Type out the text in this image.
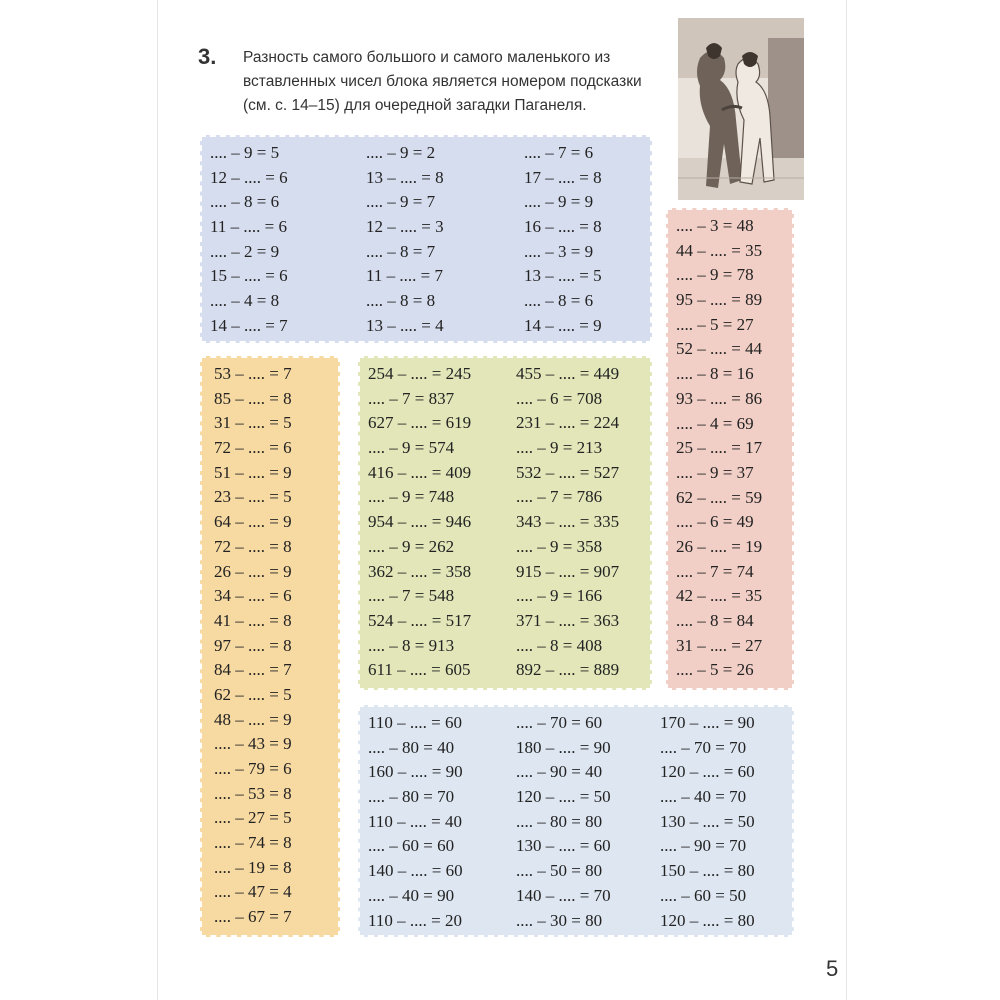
3. Разность самого большого и самого маленького из
вставленных чисел блока является номером подсказки
(см. с. 14–15) для очередной загадки Паганеля.
.... – 9 = 5
12 – .... = 6
.... – 8 = 6
11 – .... = 6
.... – 2 = 9
15 – .... = 6
.... – 4 = 8
14 – .... = 7
.... – 9 = 2
13 – .... = 8
.... – 9 = 7
12 – .... = 3
.... – 8 = 7
11 – .... = 7
.... – 8 = 8
13 – .... = 4
.... – 7 = 6
17 – .... = 8
.... – 9 = 9
16 – .... = 8
.... – 3 = 9
13 – .... = 5
.... – 8 = 6
14 – .... = 9
53 – .... = 7
85 – .... = 8
31 – .... = 5
72 – .... = 6
51 – .... = 9
23 – .... = 5
64 – .... = 9
72 – .... = 8
26 – .... = 9
34 – .... = 6
41 – .... = 8
97 – .... = 8
84 – .... = 7
62 – .... = 5
48 – .... = 9
.... – 43 = 9
.... – 79 = 6
.... – 53 = 8
.... – 27 = 5
.... – 74 = 8
.... – 19 = 8
.... – 47 = 4
.... – 67 = 7
254 – .... = 245
.... – 7 = 837
627 – .... = 619
.... – 9 = 574
416 – .... = 409
.... – 9 = 748
954 – .... = 946
.... – 9 = 262
362 – .... = 358
.... – 7 = 548
524 – .... = 517
.... – 8 = 913
611 – .... = 605
455 – .... = 449
.... – 6 = 708
231 – .... = 224
.... – 9 = 213
532 – .... = 527
.... – 7 = 786
343 – .... = 335
.... – 9 = 358
915 – .... = 907
.... – 9 = 166
371 – .... = 363
.... – 8 = 408
892 – .... = 889
.... – 3 = 48
44 – .... = 35
.... – 9 = 78
95 – .... = 89
.... – 5 = 27
52 – .... = 44
.... – 8 = 16
93 – .... = 86
.... – 4 = 69
25 – .... = 17
.... – 9 = 37
62 – .... = 59
.... – 6 = 49
26 – .... = 19
.... – 7 = 74
42 – .... = 35
.... – 8 = 84
31 – .... = 27
.... – 5 = 26
110 – .... = 60
.... – 80 = 40
160 – .... = 90
.... – 80 = 70
110 – .... = 40
.... – 60 = 60
140 – .... = 60
.... – 40 = 90
110 – .... = 20
.... – 70 = 60
180 – .... = 90
.... – 90 = 40
120 – .... = 50
.... – 80 = 80
130 – .... = 60
.... – 50 = 80
140 – .... = 70
.... – 30 = 80
170 – .... = 90
.... – 70 = 70
120 – .... = 60
.... – 40 = 70
130 – .... = 50
.... – 90 = 70
150 – .... = 80
.... – 60 = 50
120 – .... = 80
5
